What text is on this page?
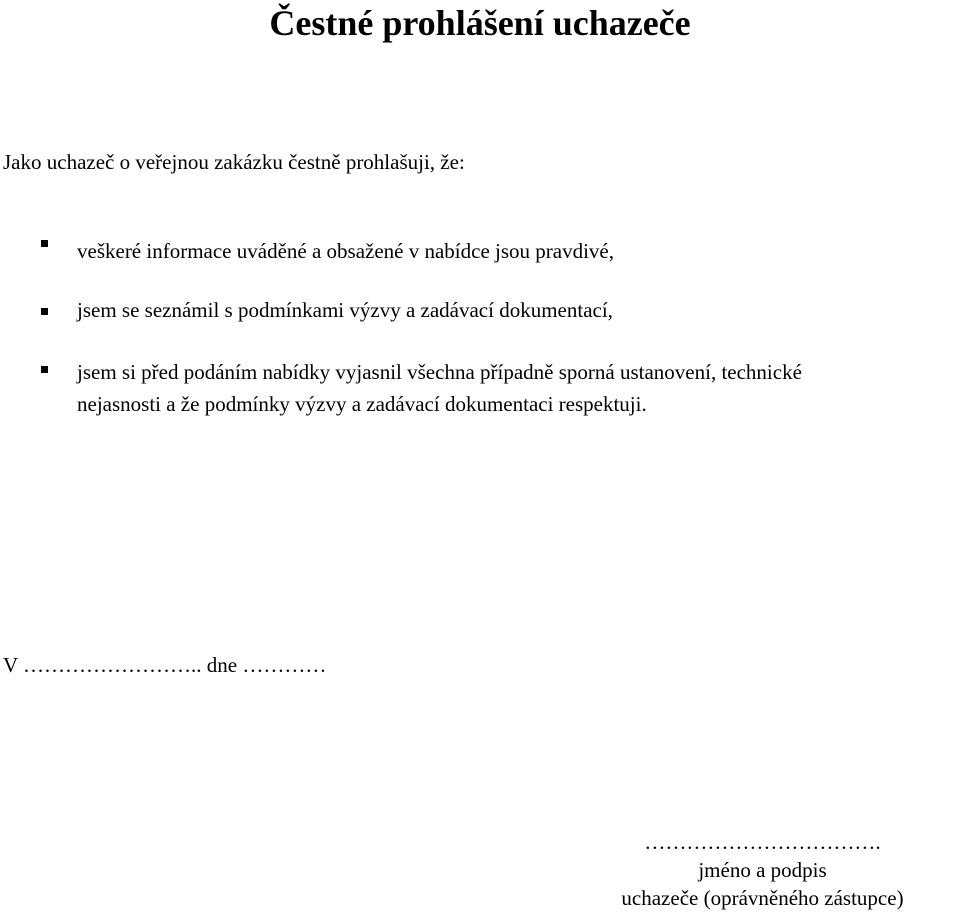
Čestné prohlášení uchazeče
Jako uchazeč o veřejnou zakázku čestně prohlašuji, že:
veškeré informace uváděné a obsažené v nabídce jsou pravdivé,
jsem se seznámil s podmínkami výzvy a zadávací dokumentací,
jsem si před podáním nabídky vyjasnil všechna případně sporná ustanovení, technické
nejasnosti a že podmínky výzvy a zadávací dokumentaci respektuji.
V …………………….. dne …………
…………………………….
jméno a podpis
uchazeče (oprávněného zástupce)
